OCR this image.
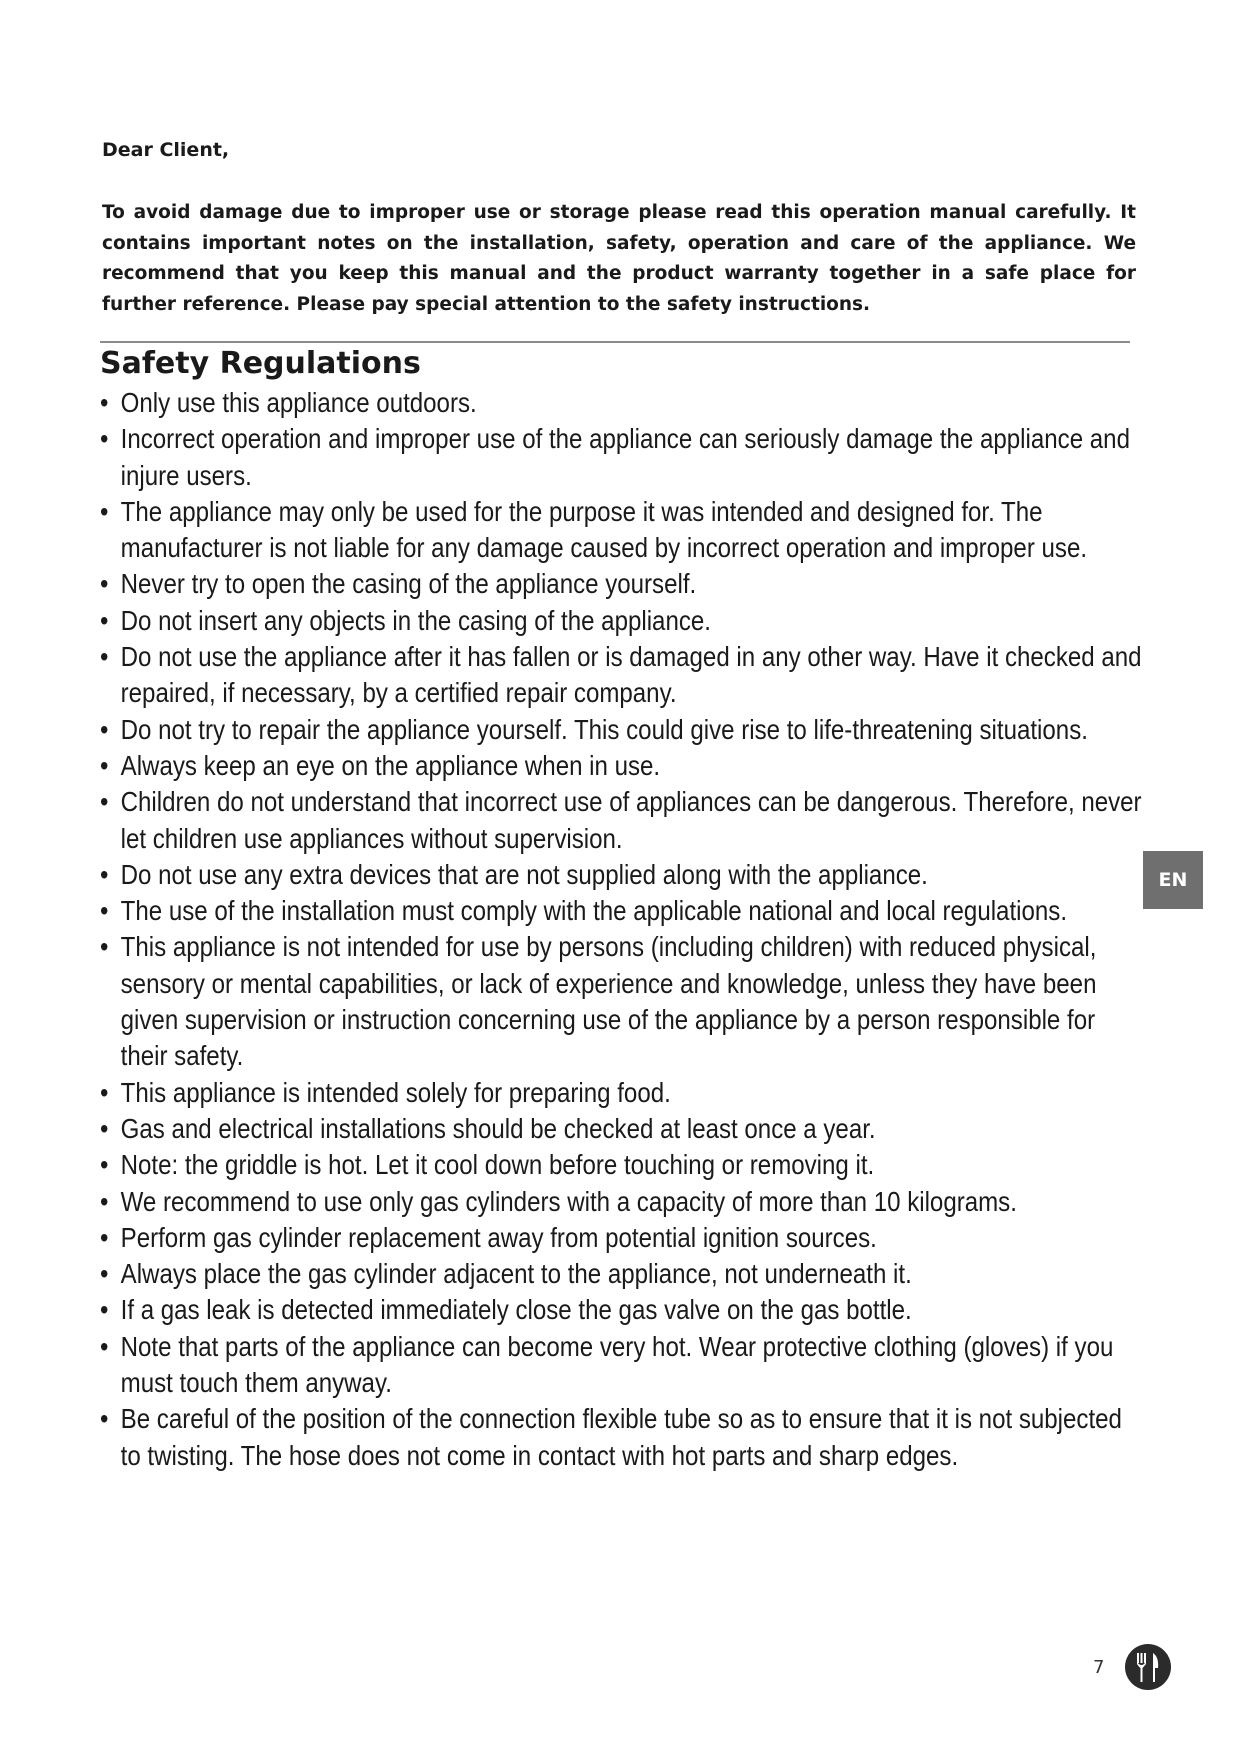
Dear Client,
To avoid damage due to improper use or storage please read this operation manual carefully. It contains important notes on the installation, safety, operation and care of the appliance. We recommend that you keep this manual and the product warranty together in a safe place for further reference. Please pay special attention to the safety instructions.
Safety Regulations
• Only use this appliance outdoors.
• Incorrect operation and improper use of the appliance can seriously damage the appliance and injure users.
• The appliance may only be used for the purpose it was intended and designed for. The manufacturer is not liable for any damage caused by incorrect operation and improper use.
• Never try to open the casing of the appliance yourself.
• Do not insert any objects in the casing of the appliance.
• Do not use the appliance after it has fallen or is damaged in any other way. Have it checked and repaired, if necessary, by a certified repair company.
• Do not try to repair the appliance yourself. This could give rise to life-threatening situations.
• Always keep an eye on the appliance when in use.
• Children do not understand that incorrect use of appliances can be dangerous. Therefore, never let children use appliances without supervision.
• Do not use any extra devices that are not supplied along with the appliance.
• The use of the installation must comply with the applicable national and local regulations.
• This appliance is not intended for use by persons (including children) with reduced physical, sensory or mental capabilities, or lack of experience and knowledge, unless they have been given supervision or instruction concerning use of the appliance by a person responsible for their safety.
• This appliance is intended solely for preparing food.
• Gas and electrical installations should be checked at least once a year.
• Note: the griddle is hot. Let it cool down before touching or removing it.
• We recommend to use only gas cylinders with a capacity of more than 10 kilograms.
• Perform gas cylinder replacement away from potential ignition sources.
• Always place the gas cylinder adjacent to the appliance, not underneath it.
• If a gas leak is detected immediately close the gas valve on the gas bottle.
• Note that parts of the appliance can become very hot. Wear protective clothing (gloves) if you must touch them anyway.
• Be careful of the position of the connection flexible tube so as to ensure that it is not subjected to twisting. The hose does not come in contact with hot parts and sharp edges.
EN
7
